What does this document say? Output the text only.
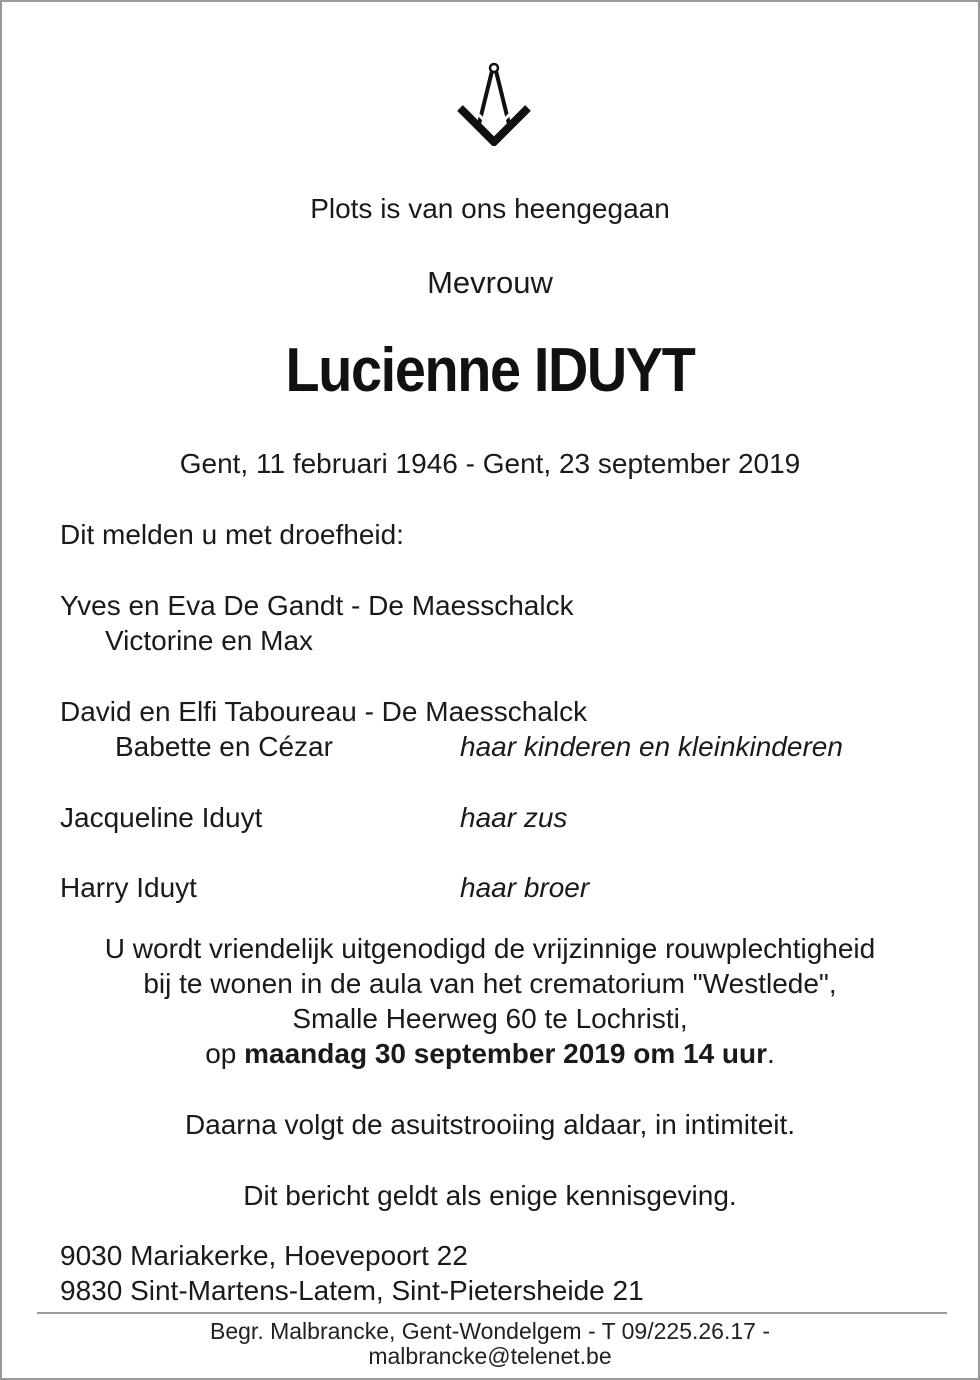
Plots is van ons heengegaan
Mevrouw
Lucienne IDUYT
Gent, 11 februari 1946 - Gent, 23 september 2019
Dit melden u met droefheid:
Yves en Eva De Gandt - De Maesschalck
Victorine en Max
David en Elfi Taboureau - De Maesschalck
Babette en Cézar	haar kinderen en kleinkinderen
Jacqueline Iduyt	haar zus
Harry Iduyt	haar broer
U wordt vriendelijk uitgenodigd de vrijzinnige rouwplechtigheid
bij te wonen in de aula van het crematorium "Westlede",
Smalle Heerweg 60 te Lochristi,
op maandag 30 september 2019 om 14 uur.
Daarna volgt de asuitstrooiing aldaar, in intimiteit.
Dit bericht geldt als enige kennisgeving.
9030 Mariakerke, Hoevepoort 22
9830 Sint-Martens-Latem, Sint-Pietersheide 21
Begr. Malbrancke, Gent-Wondelgem - T 09/225.26.17 -
malbrancke@telenet.be
